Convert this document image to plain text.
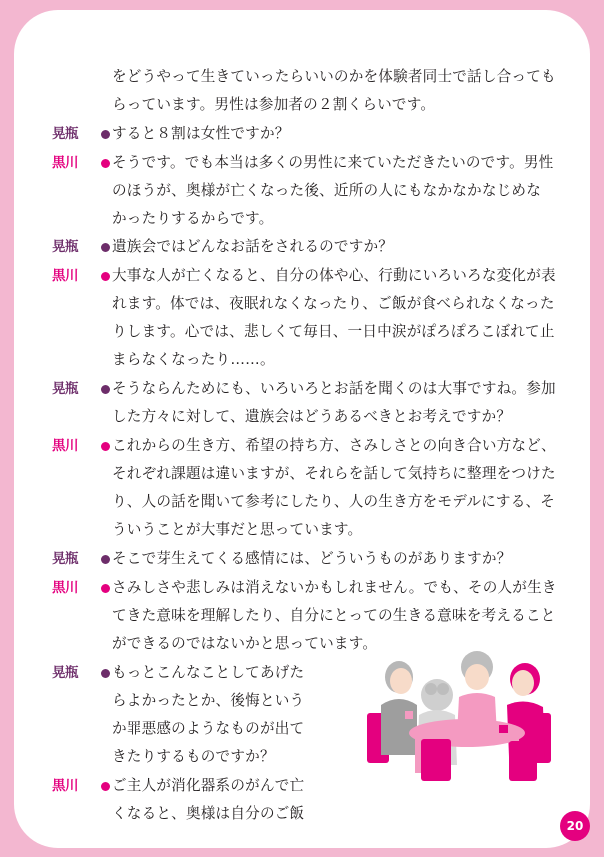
をどうやって生きていったらいいのかを体験者同士で話し合っても
らっています。男性は参加者の２割くらいです。
晃瓶 すると８割は女性ですか？
黒川 そうです。でも本当は多くの男性に来ていただきたいのです。男性
のほうが、奥様が亡くなった後、近所の人にもなかなかなじめな
かったりするからです。
晃瓶 遺族会ではどんなお話をされるのですか？
黒川 大事な人が亡くなると、自分の体や心、行動にいろいろな変化が表
れます。体では、夜眠れなくなったり、ご飯が食べられなくなった
りします。心では、悲しくて毎日、一日中涙がぽろぽろこぼれて止
まらなくなったり……。
晃瓶 そうならんためにも、いろいろとお話を聞くのは大事ですね。参加
した方々に対して、遺族会はどうあるべきとお考えですか？
黒川 これからの生き方、希望の持ち方、さみしさとの向き合い方など、
それぞれ課題は違いますが、それらを話して気持ちに整理をつけた
り、人の話を聞いて参考にしたり、人の生き方をモデルにする、そ
ういうことが大事だと思っています。
晃瓶 そこで芽生えてくる感情には、どういうものがありますか？
黒川 さみしさや悲しみは消えないかもしれません。でも、その人が生き
てきた意味を理解したり、自分にとっての生きる意味を考えること
ができるのではないかと思っています。
晃瓶 もっとこんなことしてあげた
らよかったとか、後悔という
か罪悪感のようなものが出て
きたりするものですか？
黒川 ご主人が消化器系のがんで亡
くなると、奥様は自分のご飯
20
